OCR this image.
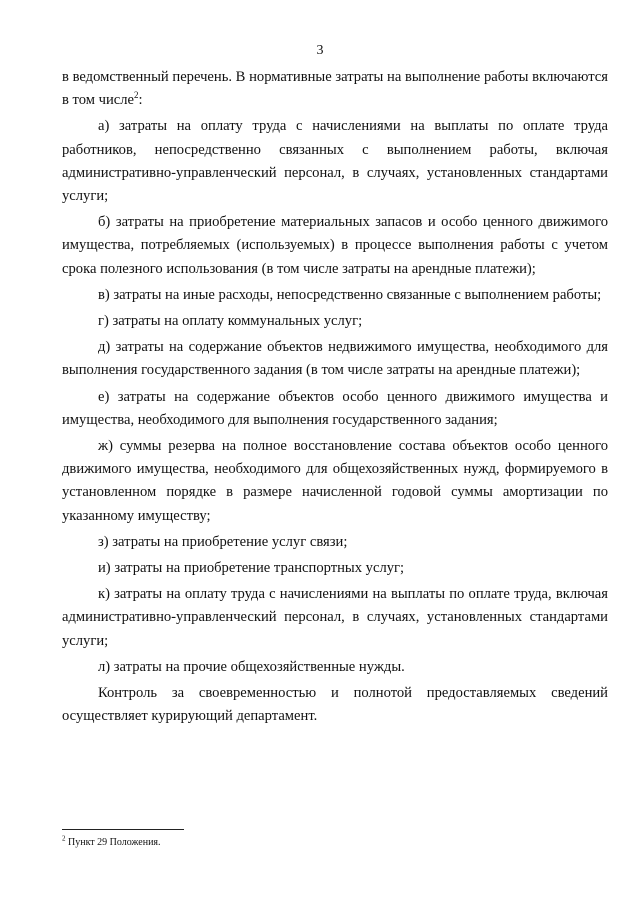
3

в ведомственный перечень. В нормативные затраты на выполнение работы включаются в том числе$^2$:

а) затраты на оплату труда с начислениями на выплаты по оплате труда работников, непосредственно связанных с выполнением работы, включая административно-управленческий персонал, в случаях, установленных стандартами услуги;

б) затраты на приобретение материальных запасов и особо ценного движимого имущества, потребляемых (используемых) в процессе выполнения работы с учетом срока полезного использования (в том числе затраты на арендные платежи);

в) затраты на иные расходы, непосредственно связанные с выполнением работы;

г) затраты на оплату коммунальных услуг;

д) затраты на содержание объектов недвижимого имущества, необходимого для выполнения государственного задания (в том числе затраты на арендные платежи);

е) затраты на содержание объектов особо ценного движимого имущества и имущества, необходимого для выполнения государственного задания;

ж) суммы резерва на полное восстановление состава объектов особо ценного движимого имущества, необходимого для общехозяйственных нужд, формируемого в установленном порядке в размере начисленной годовой суммы амортизации по указанному имуществу;

з) затраты на приобретение услуг связи;

и) затраты на приобретение транспортных услуг;

к) затраты на оплату труда с начислениями на выплаты по оплате труда, включая административно-управленческий персонал, в случаях, установленных стандартами услуги;

л) затраты на прочие общехозяйственные нужды.

Контроль за своевременностью и полнотой предоставляемых сведений осуществляет курирующий департамент.

$^2$ Пункт 29 Положения.
